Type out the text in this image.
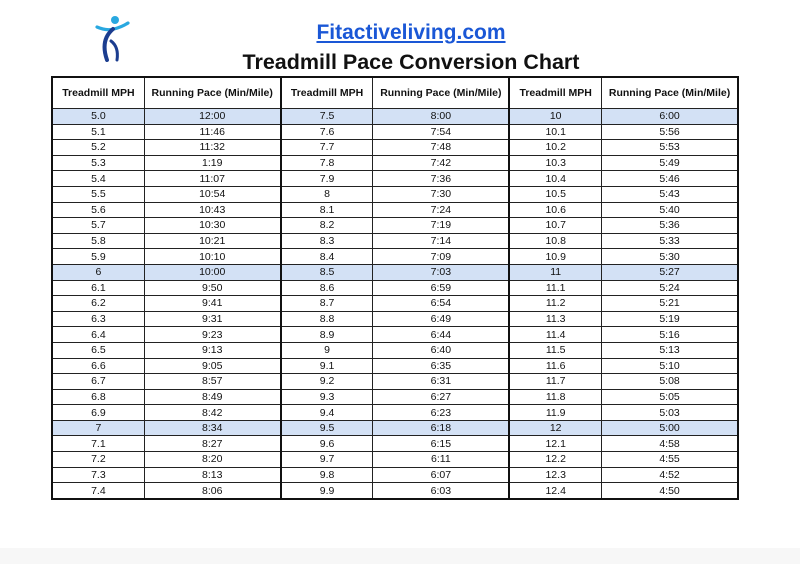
Fitactiveliving.com
Treadmill Pace Conversion Chart
Treadmill MPH	Running Pace (Min/Mile)	Treadmill MPH	Running Pace (Min/Mile)	Treadmill MPH	Running Pace (Min/Mile)
5.0	12:00	7.5	8:00	10	6:00
5.1	11:46	7.6	7:54	10.1	5:56
5.2	11:32	7.7	7:48	10.2	5:53
5.3	1:19	7.8	7:42	10.3	5:49
5.4	11:07	7.9	7:36	10.4	5:46
5.5	10:54	8	7:30	10.5	5:43
5.6	10:43	8.1	7:24	10.6	5:40
5.7	10:30	8.2	7:19	10.7	5:36
5.8	10:21	8.3	7:14	10.8	5:33
5.9	10:10	8.4	7:09	10.9	5:30
6	10:00	8.5	7:03	11	5:27
6.1	9:50	8.6	6:59	11.1	5:24
6.2	9:41	8.7	6:54	11.2	5:21
6.3	9:31	8.8	6:49	11.3	5:19
6.4	9:23	8.9	6:44	11.4	5:16
6.5	9:13	9	6:40	11.5	5:13
6.6	9:05	9.1	6:35	11.6	5:10
6.7	8:57	9.2	6:31	11.7	5:08
6.8	8:49	9.3	6:27	11.8	5:05
6.9	8:42	9.4	6:23	11.9	5:03
7	8:34	9.5	6:18	12	5:00
7.1	8:27	9.6	6:15	12.1	4:58
7.2	8:20	9.7	6:11	12.2	4:55
7.3	8:13	9.8	6:07	12.3	4:52
7.4	8:06	9.9	6:03	12.4	4:50
